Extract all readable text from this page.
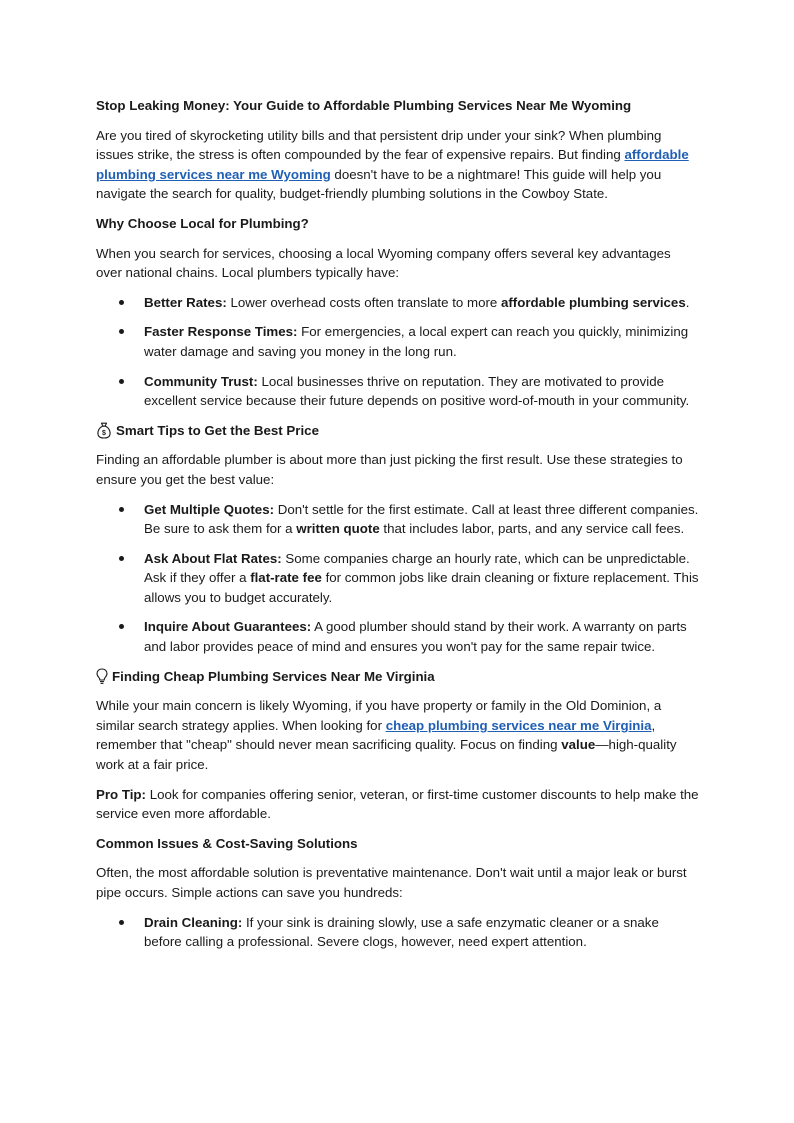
Stop Leaking Money: Your Guide to Affordable Plumbing Services Near Me Wyoming

Are you tired of skyrocketing utility bills and that persistent drip under your sink? When plumbing issues strike, the stress is often compounded by the fear of expensive repairs. But finding affordable plumbing services near me Wyoming doesn't have to be a nightmare! This guide will help you navigate the search for quality, budget-friendly plumbing solutions in the Cowboy State.

Why Choose Local for Plumbing?

When you search for services, choosing a local Wyoming company offers several key advantages over national chains. Local plumbers typically have:

Better Rates: Lower overhead costs often translate to more affordable plumbing services.
Faster Response Times: For emergencies, a local expert can reach you quickly, minimizing water damage and saving you money in the long run.
Community Trust: Local businesses thrive on reputation. They are motivated to provide excellent service because their future depends on positive word-of-mouth in your community.

$ Smart Tips to Get the Best Price

Finding an affordable plumber is about more than just picking the first result. Use these strategies to ensure you get the best value:

Get Multiple Quotes: Don't settle for the first estimate. Call at least three different companies. Be sure to ask them for a written quote that includes labor, parts, and any service call fees.
Ask About Flat Rates: Some companies charge an hourly rate, which can be unpredictable. Ask if they offer a flat-rate fee for common jobs like drain cleaning or fixture replacement. This allows you to budget accurately.
Inquire About Guarantees: A good plumber should stand by their work. A warranty on parts and labor provides peace of mind and ensures you won't pay for the same repair twice.

Finding Cheap Plumbing Services Near Me Virginia

While your main concern is likely Wyoming, if you have property or family in the Old Dominion, a similar search strategy applies. When looking for cheap plumbing services near me Virginia, remember that "cheap" should never mean sacrificing quality. Focus on finding value—high-quality work at a fair price.

Pro Tip: Look for companies offering senior, veteran, or first-time customer discounts to help make the service even more affordable.

Common Issues & Cost-Saving Solutions

Often, the most affordable solution is preventative maintenance. Don't wait until a major leak or burst pipe occurs. Simple actions can save you hundreds:

Drain Cleaning: If your sink is draining slowly, use a safe enzymatic cleaner or a snake before calling a professional. Severe clogs, however, need expert attention.
